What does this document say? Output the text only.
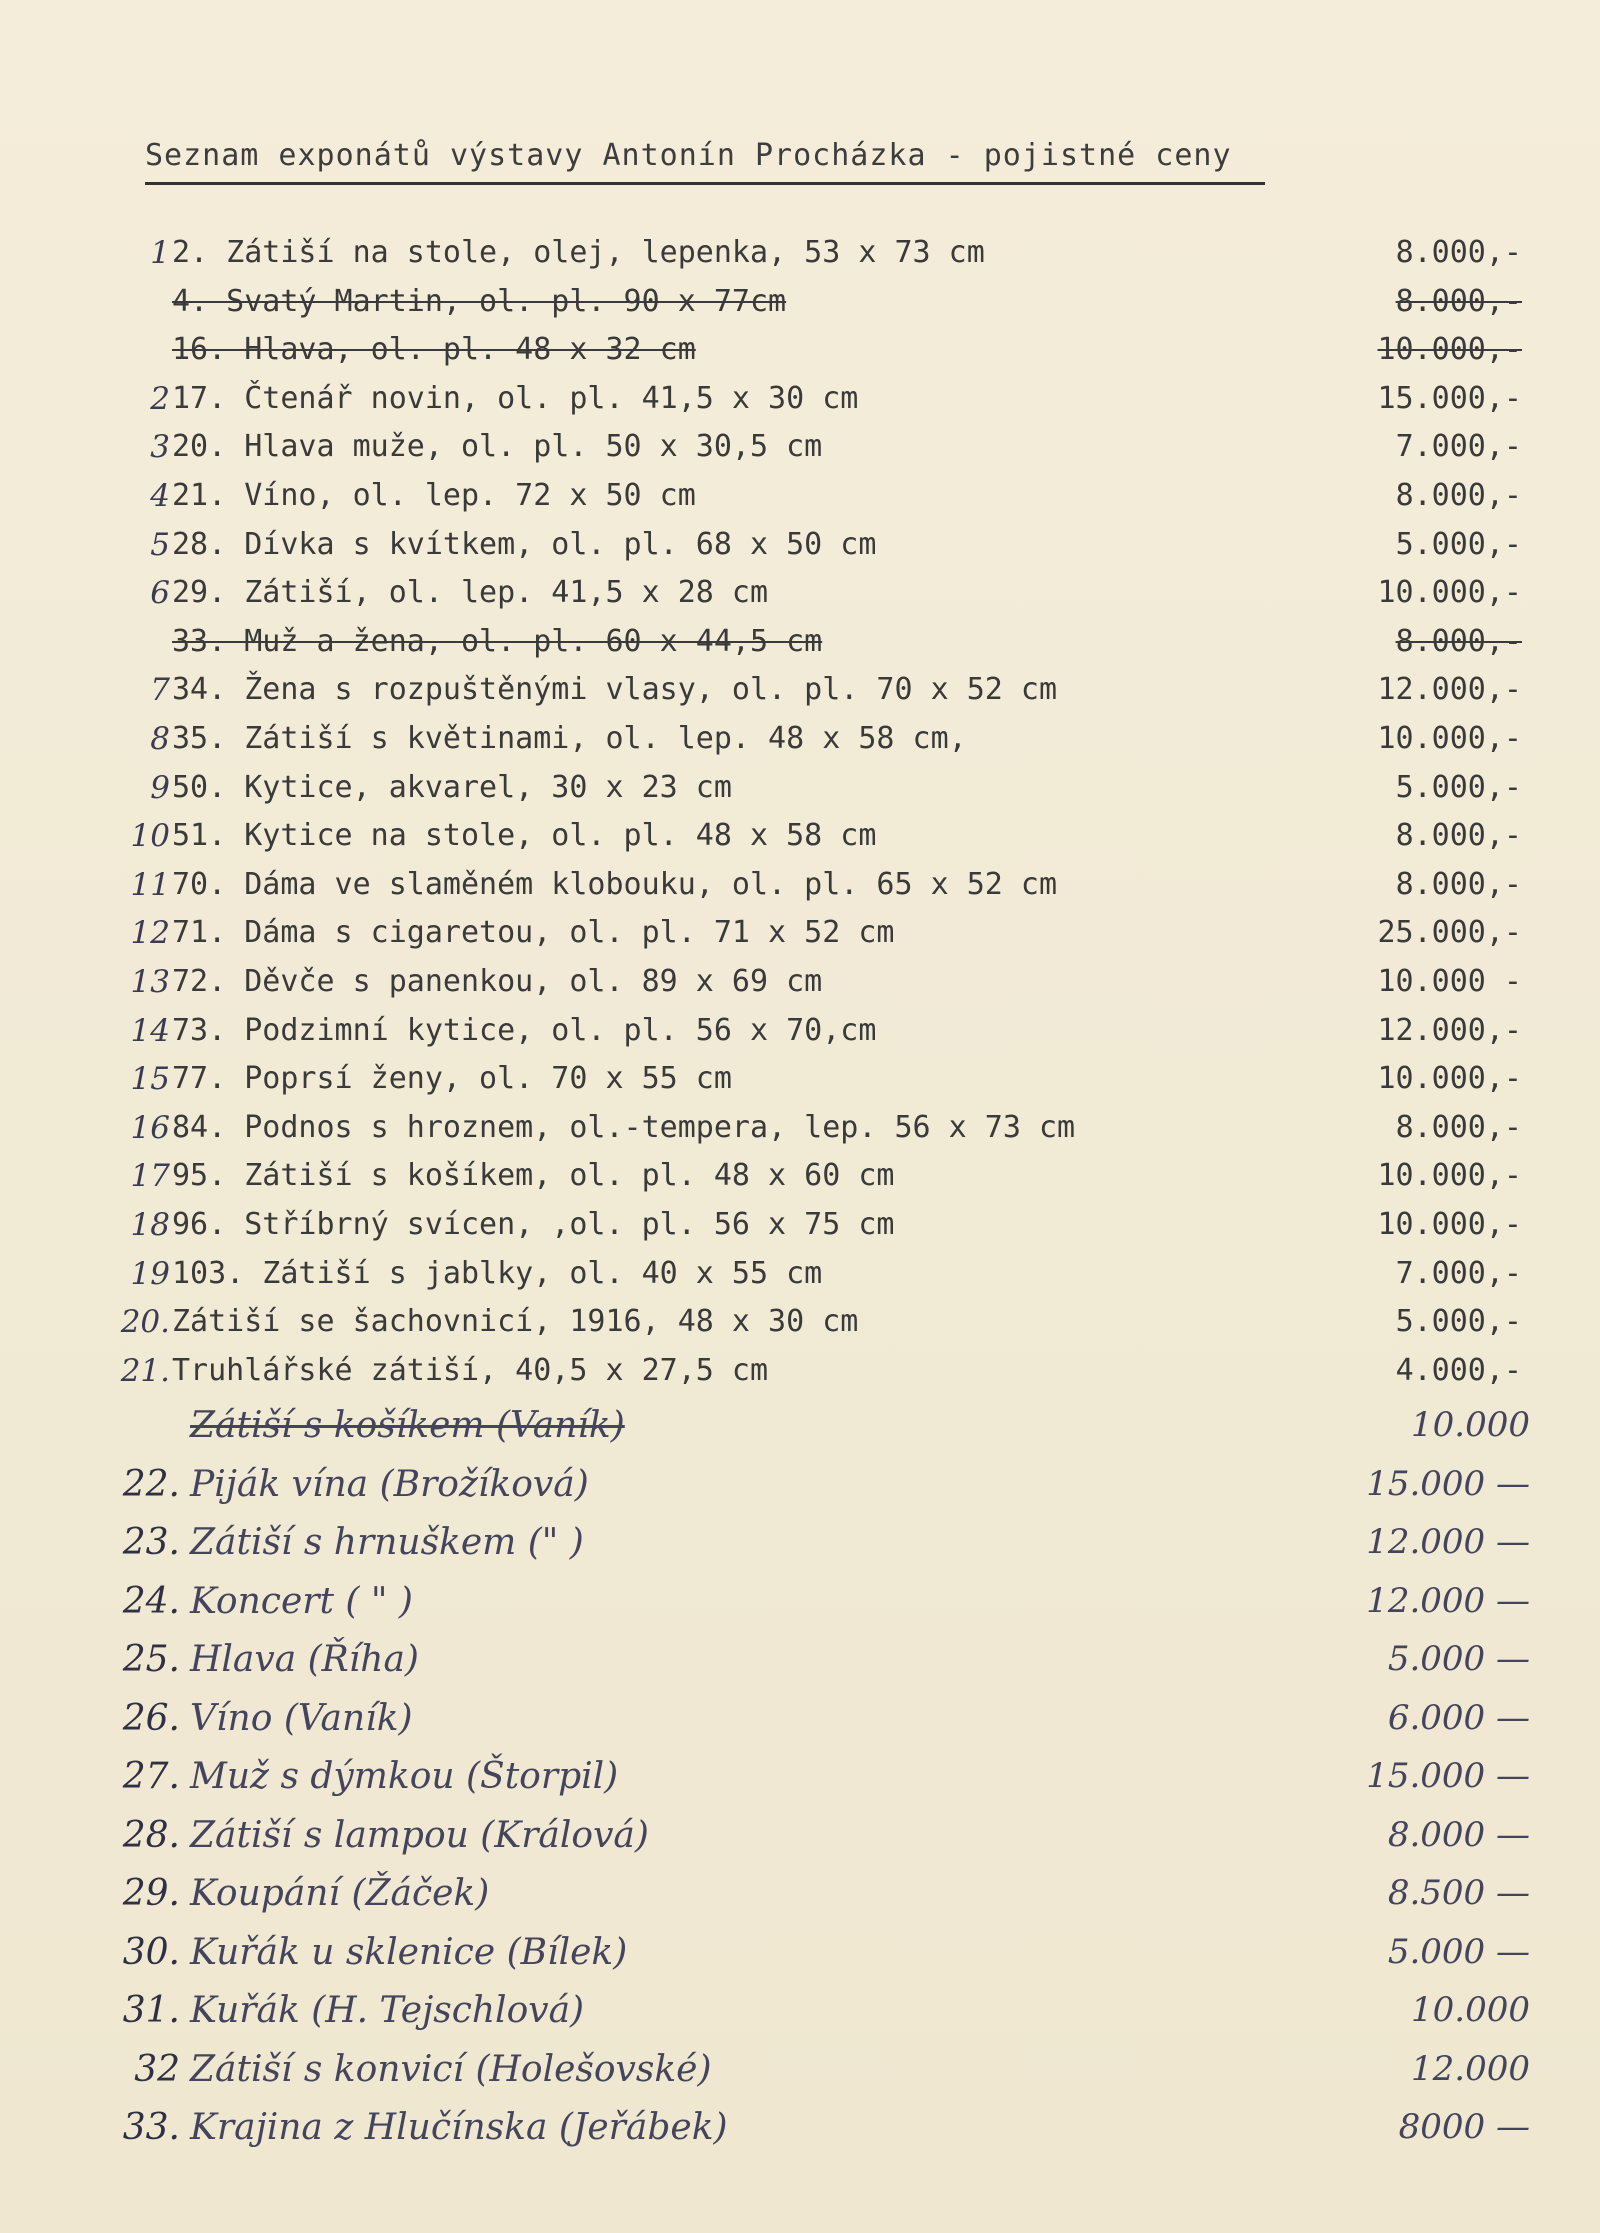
Seznam exponátů výstavy Antonín Procházka - pojistné ceny
1 2. Zátiší na stole, olej, lepenka, 53 x 73 cm	8.000,-
4. Svatý Martin, ol. pl. 90 x 77cm	8.000,-
16. Hlava, ol. pl. 48 x 32 cm	10.000,-
2 17. Čtenář novin, ol. pl. 41,5 x 30 cm	15.000,-
3 20. Hlava muže, ol. pl. 50 x 30,5 cm	7.000,-
4 21. Víno, ol. lep. 72 x 50 cm	8.000,-
5 28. Dívka s kvítkem, ol. pl. 68 x 50 cm	5.000,-
6 29. Zátiší, ol. lep. 41,5 x 28 cm	10.000,-
33. Muž a žena, ol. pl. 60 x 44,5 cm	8.000,-
7 34. Žena s rozpuštěnými vlasy, ol. pl. 70 x 52 cm	12.000,-
8 35. Zátiší s květinami, ol. lep. 48 x 58 cm,	10.000,-
9 50. Kytice, akvarel, 30 x 23 cm	5.000,-
10 51. Kytice na stole, ol. pl. 48 x 58 cm	8.000,-
11 70. Dáma ve slaměném klobouku, ol. pl. 65 x 52 cm	8.000,-
12 71. Dáma s cigaretou, ol. pl. 71 x 52 cm	25.000,-
13 72. Děvče s panenkou, ol. 89 x 69 cm	10.000 -
14 73. Podzimní kytice, ol. pl. 56 x 70,cm	12.000,-
15 77. Poprsí ženy, ol. 70 x 55 cm	10.000,-
16 84. Podnos s hroznem, ol.-tempera, lep. 56 x 73 cm	8.000,-
17 95. Zátiší s košíkem, ol. pl. 48 x 60 cm	10.000,-
18 96. Stříbrný svícen, ,ol. pl. 56 x 75 cm	10.000,-
19 103. Zátiší s jablky, ol. 40 x 55 cm	7.000,-
20. Zátiší se šachovnicí, 1916, 48 x 30 cm	5.000,-
21. Truhlářské zátiší, 40,5 x 27,5 cm	4.000,-
Zátiší s košíkem (Vaník)	10.000
22. Piják vína (Brožíková)	15.000 —
23. Zátiší s hrnuškem (" )	12.000 —
24. Koncert ( " )	12.000 —
25. Hlava (Říha)	5.000 —
26. Víno (Vaník)	6.000 —
27. Muž s dýmkou (Štorpil)	15.000 —
28. Zátiší s lampou (Králová)	8.000 —
29. Koupání (Žáček)	8.500 —
30. Kuřák u sklenice (Bílek)	5.000 —
31. Kuřák (H. Tejschlová)	10.000
32 Zátiší s konvicí (Holešovské)	12.000
33. Krajina z Hlučínska (Jeřábek)	8000 —
